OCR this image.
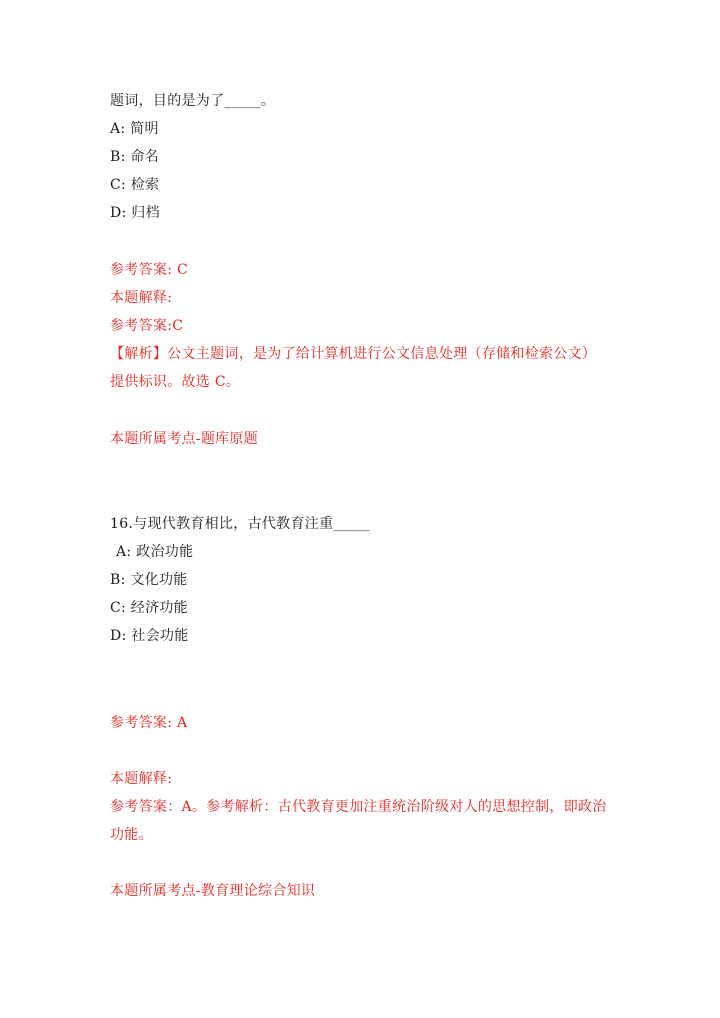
题词，目的是为了_____。
A: 简明
B: 命名
C: 检索
D: 归档
参考答案: C
本题解释:
参考答案:C
【解析】公文主题词，是为了给计算机进行公文信息处理（存储和检索公文）
提供标识。故选 C。
本题所属考点-题库原题
16.与现代教育相比，古代教育注重_____
A: 政治功能
B: 文化功能
C: 经济功能
D: 社会功能
参考答案: A
本题解释:
参考答案：A。参考解析：古代教育更加注重统治阶级对人的思想控制，即政治
功能。
本题所属考点-教育理论综合知识
